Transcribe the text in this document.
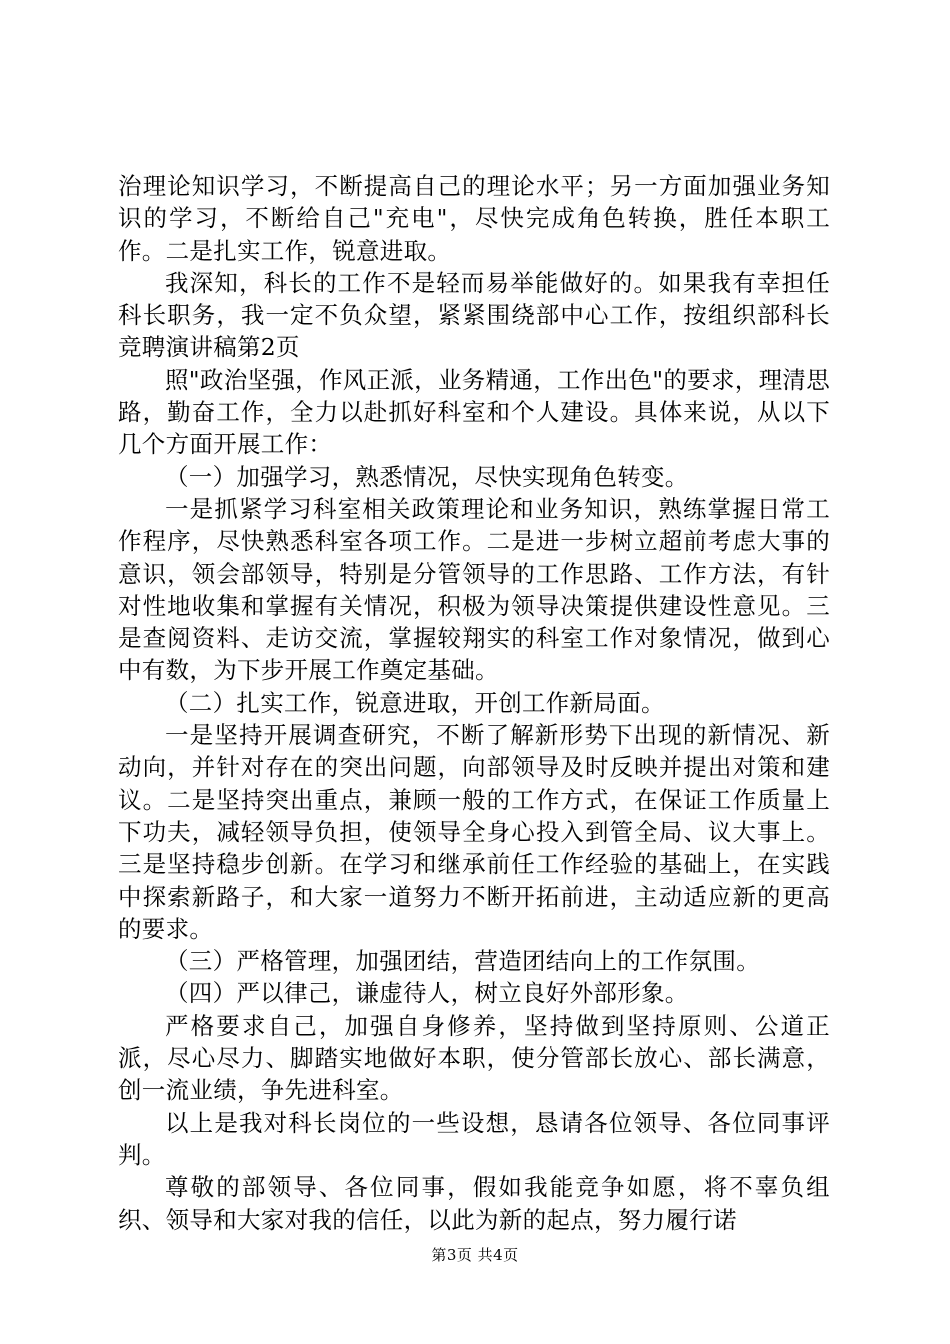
治理论知识学习，不断提高自己的理论水平；另一方面加强业务知识的学习，不断给自己"充电"，尽快完成角色转换，胜任本职工作。二是扎实工作，锐意进取。

我深知，科长的工作不是轻而易举能做好的。如果我有幸担任科长职务，我一定不负众望，紧紧围绕部中心工作，按组织部科长竞聘演讲稿第2页

照"政治坚强，作风正派，业务精通，工作出色"的要求，理清思路，勤奋工作，全力以赴抓好科室和个人建设。具体来说，从以下几个方面开展工作：

（一）加强学习，熟悉情况，尽快实现角色转变。

一是抓紧学习科室相关政策理论和业务知识，熟练掌握日常工作程序，尽快熟悉科室各项工作。二是进一步树立超前考虑大事的意识，领会部领导，特别是分管领导的工作思路、工作方法，有针对性地收集和掌握有关情况，积极为领导决策提供建设性意见。三是查阅资料、走访交流，掌握较翔实的科室工作对象情况，做到心中有数，为下步开展工作奠定基础。

（二）扎实工作，锐意进取，开创工作新局面。

一是坚持开展调查研究，不断了解新形势下出现的新情况、新动向，并针对存在的突出问题，向部领导及时反映并提出对策和建议。二是坚持突出重点，兼顾一般的工作方式，在保证工作质量上下功夫，减轻领导负担，使领导全身心投入到管全局、议大事上。三是坚持稳步创新。在学习和继承前任工作经验的基础上，在实践中探索新路子，和大家一道努力不断开拓前进，主动适应新的更高的要求。

（三）严格管理，加强团结，营造团结向上的工作氛围。

（四）严以律己，谦虚待人，树立良好外部形象。

严格要求自己，加强自身修养，坚持做到坚持原则、公道正派，尽心尽力、脚踏实地做好本职，使分管部长放心、部长满意，创一流业绩，争先进科室。

以上是我对科长岗位的一些设想，恳请各位领导、各位同事评判。

尊敬的部领导、各位同事，假如我能竞争如愿，将不辜负组织、领导和大家对我的信任，以此为新的起点，努力履行诺

第3页 共4页
